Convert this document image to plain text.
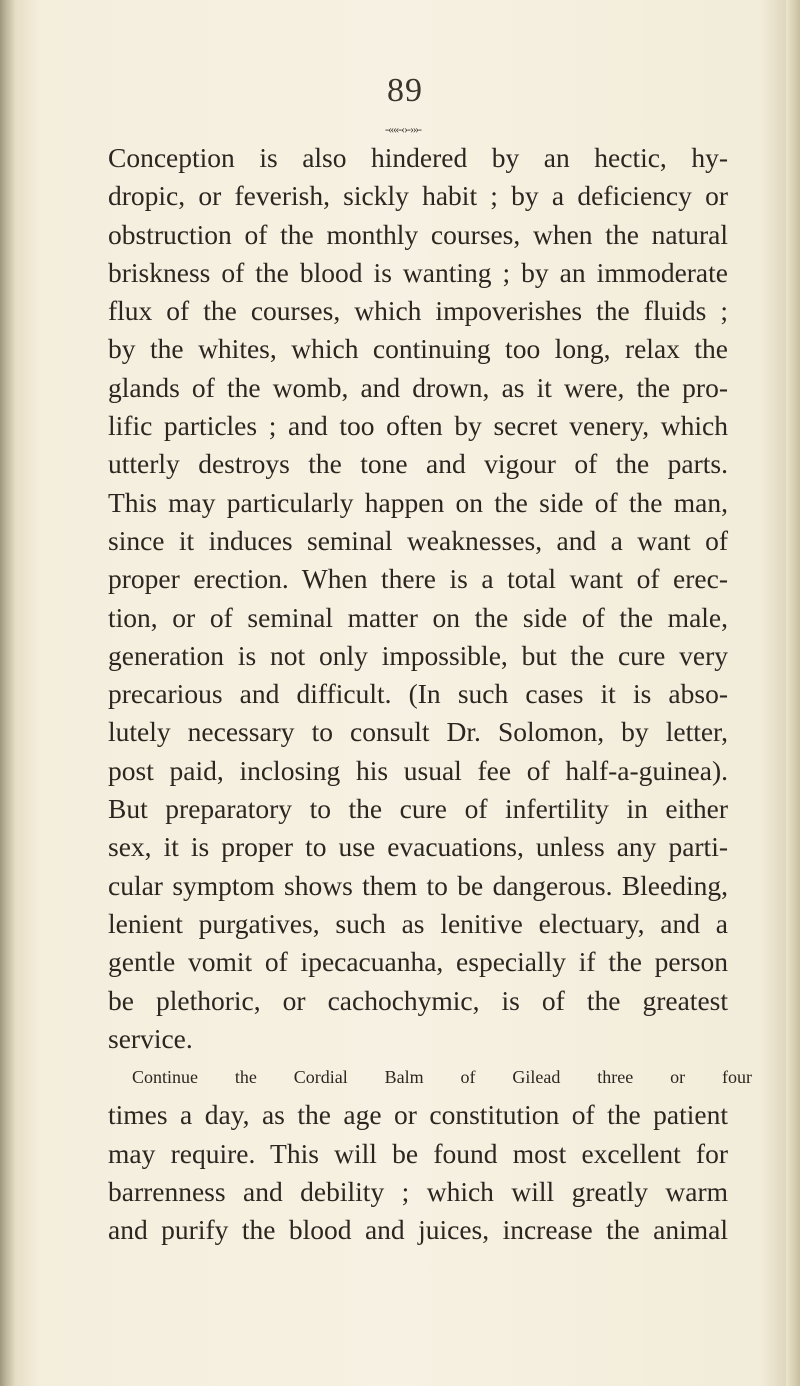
89
-««-‹›-›»-
Conception is also hindered by an hectic, hy-
dropic, or feverish, sickly habit ; by a deficiency or
obstruction of the monthly courses, when the natural
briskness of the blood is wanting ; by an immoderate
flux of the courses, which impoverishes the fluids ;
by the whites, which continuing too long, relax the
glands of the womb, and drown, as it were, the pro-
lific particles ; and too often by secret venery, which
utterly destroys the tone and vigour of the parts.
This may particularly happen on the side of the man,
since it induces seminal weaknesses, and a want of
proper erection. When there is a total want of erec-
tion, or of seminal matter on the side of the male,
generation is not only impossible, but the cure very
precarious and difficult. (In such cases it is abso-
lutely necessary to consult Dr. Solomon, by letter,
post paid, inclosing his usual fee of half-a-guinea).
But preparatory to the cure of infertility in either
sex, it is proper to use evacuations, unless any parti-
cular symptom shows them to be dangerous. Bleeding,
lenient purgatives, such as lenitive electuary, and a
gentle vomit of ipecacuanha, especially if the person
be plethoric, or cachochymic, is of the greatest
service.
Continue the Cordial Balm of Gilead three or four
times a day, as the age or constitution of the patient
may require. This will be found most excellent for
barrenness and debility ; which will greatly warm
and purify the blood and juices, increase the animal
